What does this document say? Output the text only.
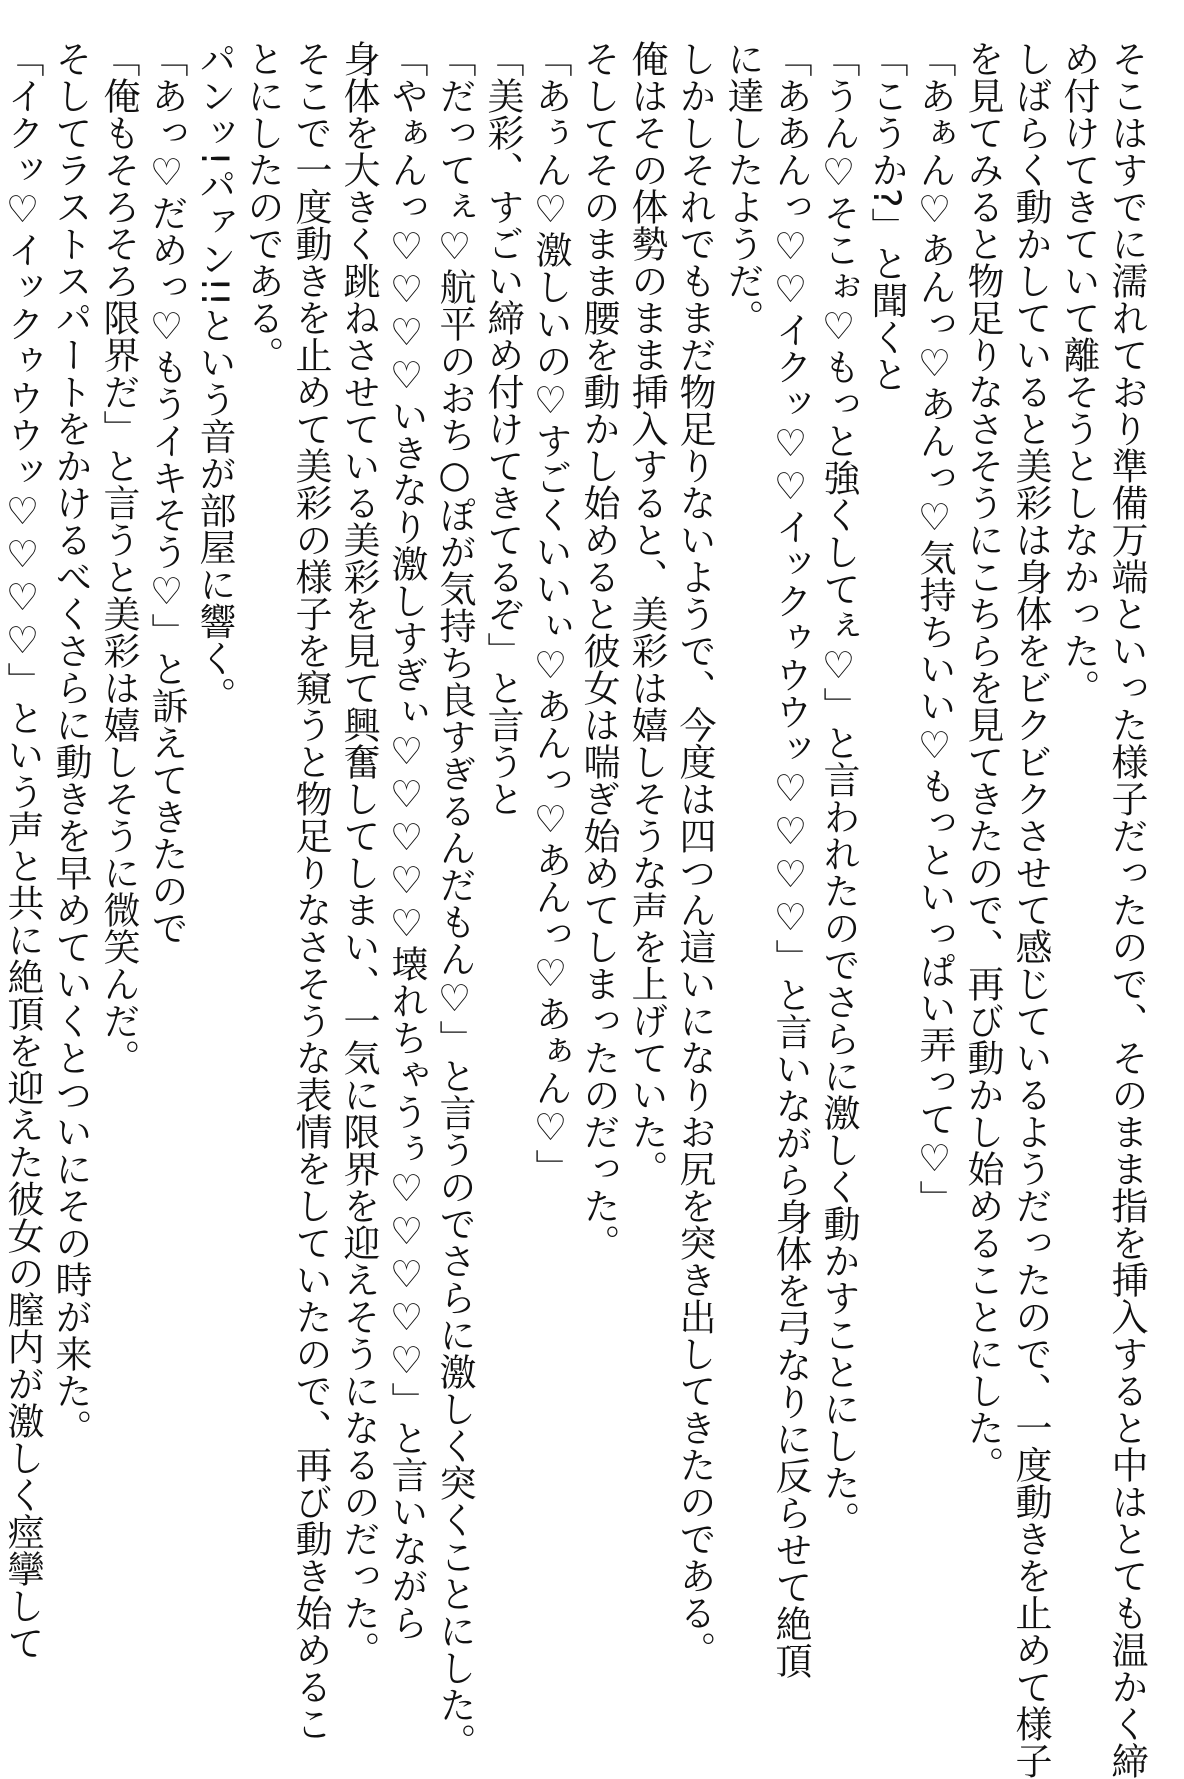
そこはすでに濡れており準備万端といった様子だったので、そのまま指を挿入すると中はとても温かく締
め付けてきていて離そうとしなかった。
しばらく動かしていると美彩は身体をビクビクさせて感じているようだったので、一度動きを止めて様子
を見てみると物足りなさそうにこちらを見てきたので、再び動かし始めることにした。
「あぁん♡あんっ♡あんっ♡気持ちいい♡もっといっぱい弄って♡」
「こうか?」と聞くと
「うん♡そこぉ♡もっと強くしてぇ♡」と言われたのでさらに激しく動かすことにした。
「ああんっ♡♡イクッ♡♡イックゥウウッ♡♡♡♡」と言いながら身体を弓なりに反らせて絶頂
に達したようだ。
しかしそれでもまだ物足りないようで、今度は四つん這いになりお尻を突き出してきたのである。
俺はその体勢のまま挿入すると、美彩は嬉しそうな声を上げていた。
そしてそのまま腰を動かし始めると彼女は喘ぎ始めてしまったのだった。
「あぅん♡激しいの♡すごくいいぃ♡あんっ♡あんっ♡あぁん♡」
「美彩、すごい締め付けてきてるぞ」と言うと
「だってぇ♡航平のおち○ぽが気持ち良すぎるんだもん♡」と言うのでさらに激しく突くことにした。
「やぁんっ♡♡♡♡いきなり激しすぎぃ♡♡♡♡♡壊れちゃうぅ♡♡♡♡♡」と言いながら
身体を大きく跳ねさせている美彩を見て興奮してしまい、一気に限界を迎えそうになるのだった。
そこで一度動きを止めて美彩の様子を窺うと物足りなさそうな表情をしていたので、再び動き始めるこ
とにしたのである。
パンッ!パァン!!という音が部屋に響く。
「あっ♡だめっ♡もうイキそう♡」と訴えてきたので
「俺もそろそろ限界だ」と言うと美彩は嬉しそうに微笑んだ。
そしてラストスパートをかけるべくさらに動きを早めていくとついにその時が来た。
「イクッ♡イックゥウウッ♡♡♡♡」という声と共に絶頂を迎えた彼女の膣内が激しく痙攣して
